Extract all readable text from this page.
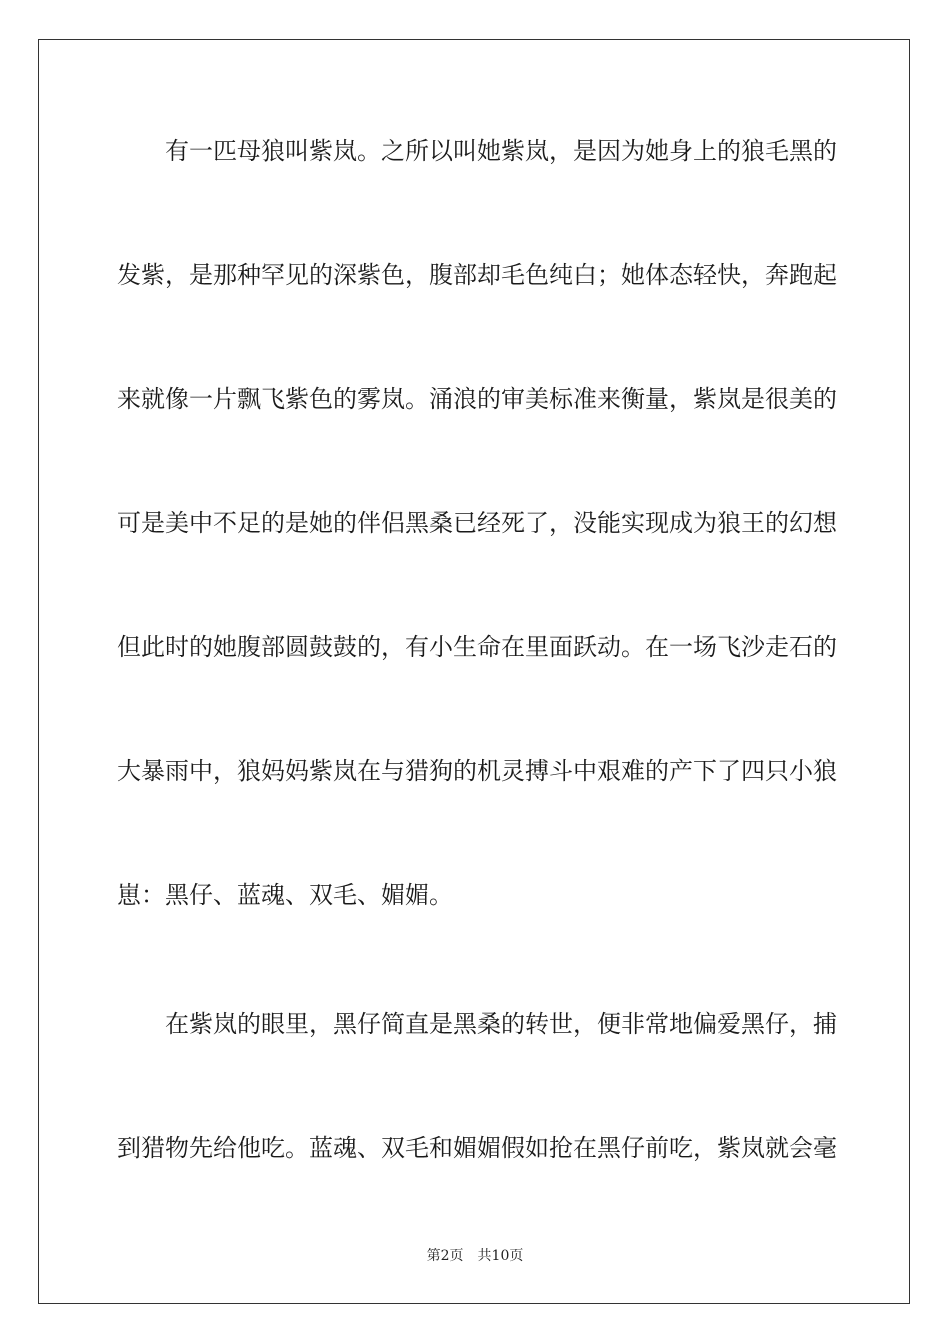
有一匹母狼叫紫岚。之所以叫她紫岚，是因为她身上的狼毛黑的
发紫，是那种罕见的深紫色，腹部却毛色纯白；她体态轻快，奔跑起
来就像一片飘飞紫色的雾岚。涌浪的审美标准来衡量，紫岚是很美的
可是美中不足的是她的伴侣黑桑已经死了，没能实现成为狼王的幻想
但此时的她腹部圆鼓鼓的，有小生命在里面跃动。在一场飞沙走石的
大暴雨中，狼妈妈紫岚在与猎狗的机灵搏斗中艰难的产下了四只小狼
崽：黑仔、蓝魂、双毛、媚媚。
在紫岚的眼里，黑仔简直是黑桑的转世，便非常地偏爱黑仔，捕
到猎物先给他吃。蓝魂、双毛和媚媚假如抢在黑仔前吃，紫岚就会毫
第2页 共10页
